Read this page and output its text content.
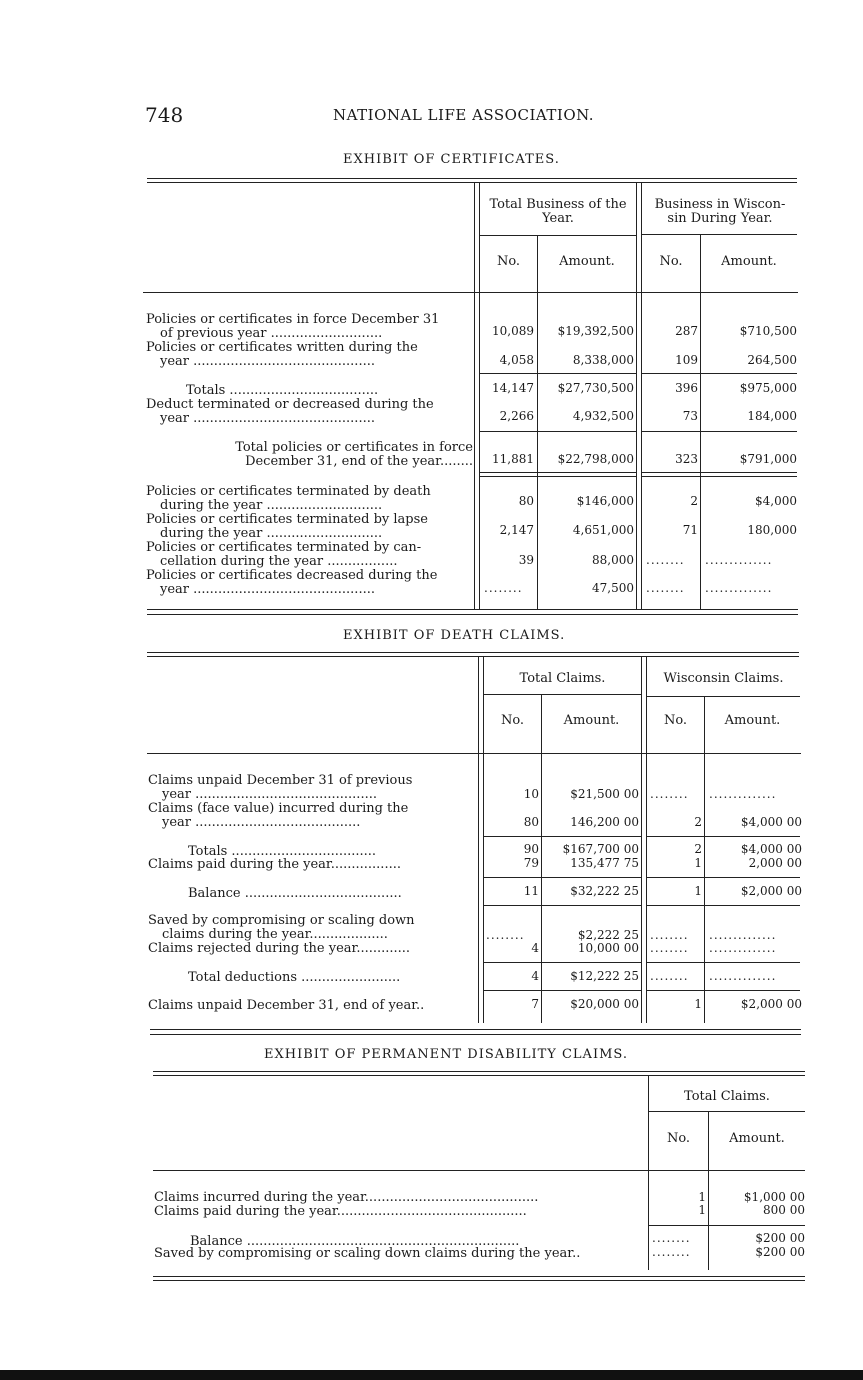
748	NATIONAL LIFE ASSOCIATION.
EXHIBIT OF CERTIFICATES.
Total Business of the Year.
Business in Wiscon- sin During Year.
No.	Amount.	No.	Amount.
Policies or certificates in force December 31
of previous year ...........................	10,089	$19,392,500	287	$710,500
Policies or certificates written during the
year ............................................	4,058	8,338,000	109	264,500
Totals ....................................	14,147	$27,730,500	396	$975,000
Deduct terminated or decreased during the
year ............................................	2,266	4,932,500	73	184,000
Total policies or certificates in force
December 31, end of the year........	11,881	$22,798,000	323	$791,000
Policies or certificates terminated by death
during the year ............................	80	$146,000	2	$4,000
Policies or certificates terminated by lapse
during the year ............................	2,147	4,651,000	71	180,000
Policies or certificates terminated by can-
cellation during the year .................	39	88,000 ........	..............
Policies or certificates decreased during the
year ............................................	........	47,500 ........	..............
EXHIBIT OF DEATH CLAIMS.
Total Claims.	Wisconsin Claims.
No.	Amount.	No.	Amount.
Claims unpaid December 31 of previous
year ............................................	10	$21,500 00 ........	..............
Claims (face value) incurred during the
year ........................................	80	146,200 00	2	$4,000 00
Totals ...................................	90	$167,700 00	2	$4,000 00
Claims paid during the year.................	79	135,477 75	1	2,000 00
Balance ......................................	11	$32,222 25	1	$2,000 00
Saved by compromising or scaling down
claims during the year...................	........	$2,222 25 ........	..............
Claims rejected during the year.............	4	10,000 00 ........	..............
Total deductions ........................	4	$12,222 25 ........	..............
Claims unpaid December 31, end of year..	7	$20,000 00	1	$2,000 00
EXHIBIT OF PERMANENT DISABILITY CLAIMS.
Total Claims.
No.	Amount.
Claims incurred during the year..........................................	1	$1,000 00
Claims paid during the year..............................................	1	800 00
Balance ..................................................................	........	$200 00
Saved by compromising or scaling down claims during the year..	........	$200 00
